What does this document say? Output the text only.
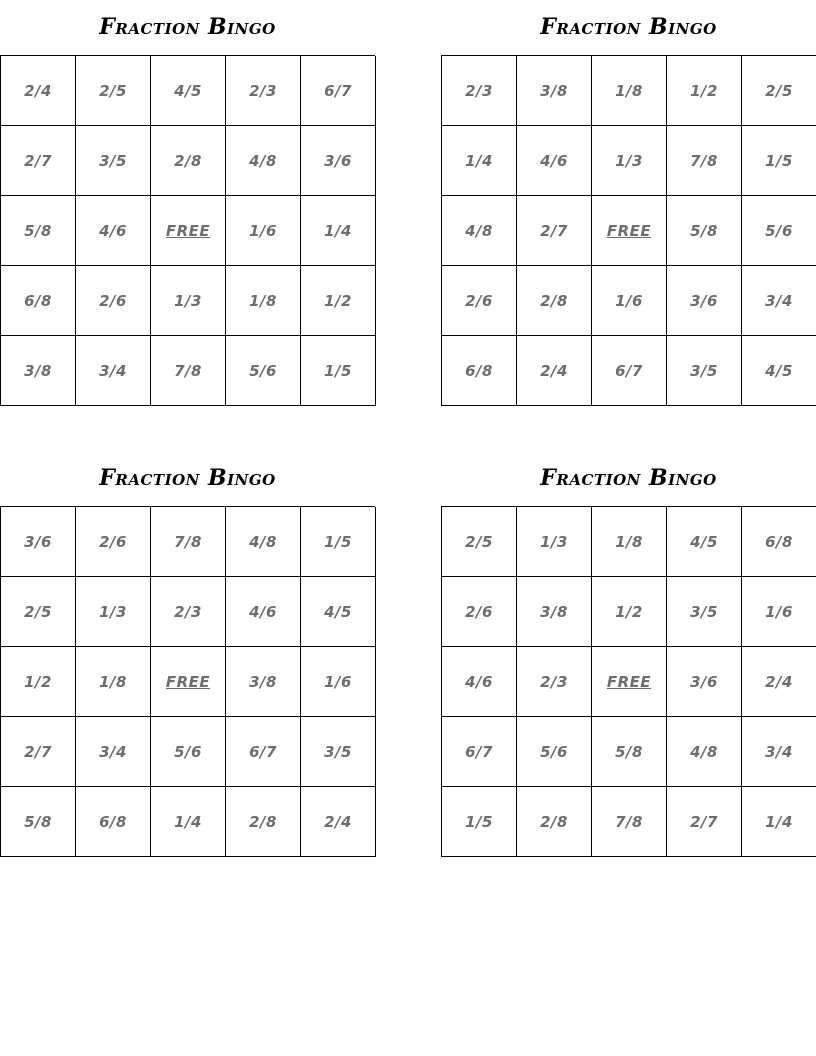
Fraction Bingo
2/4	2/5	4/5	2/3	6/7
2/7	3/5	2/8	4/8	3/6
5/8	4/6	FREE	1/6	1/4
6/8	2/6	1/3	1/8	1/2
3/8	3/4	7/8	5/6	1/5
Fraction Bingo
2/3	3/8	1/8	1/2	2/5
1/4	4/6	1/3	7/8	1/5
4/8	2/7	FREE	5/8	5/6
2/6	2/8	1/6	3/6	3/4
6/8	2/4	6/7	3/5	4/5
Fraction Bingo
3/6	2/6	7/8	4/8	1/5
2/5	1/3	2/3	4/6	4/5
1/2	1/8	FREE	3/8	1/6
2/7	3/4	5/6	6/7	3/5
5/8	6/8	1/4	2/8	2/4
Fraction Bingo
2/5	1/3	1/8	4/5	6/8
2/6	3/8	1/2	3/5	1/6
4/6	2/3	FREE	3/6	2/4
6/7	5/6	5/8	4/8	3/4
1/5	2/8	7/8	2/7	1/4
